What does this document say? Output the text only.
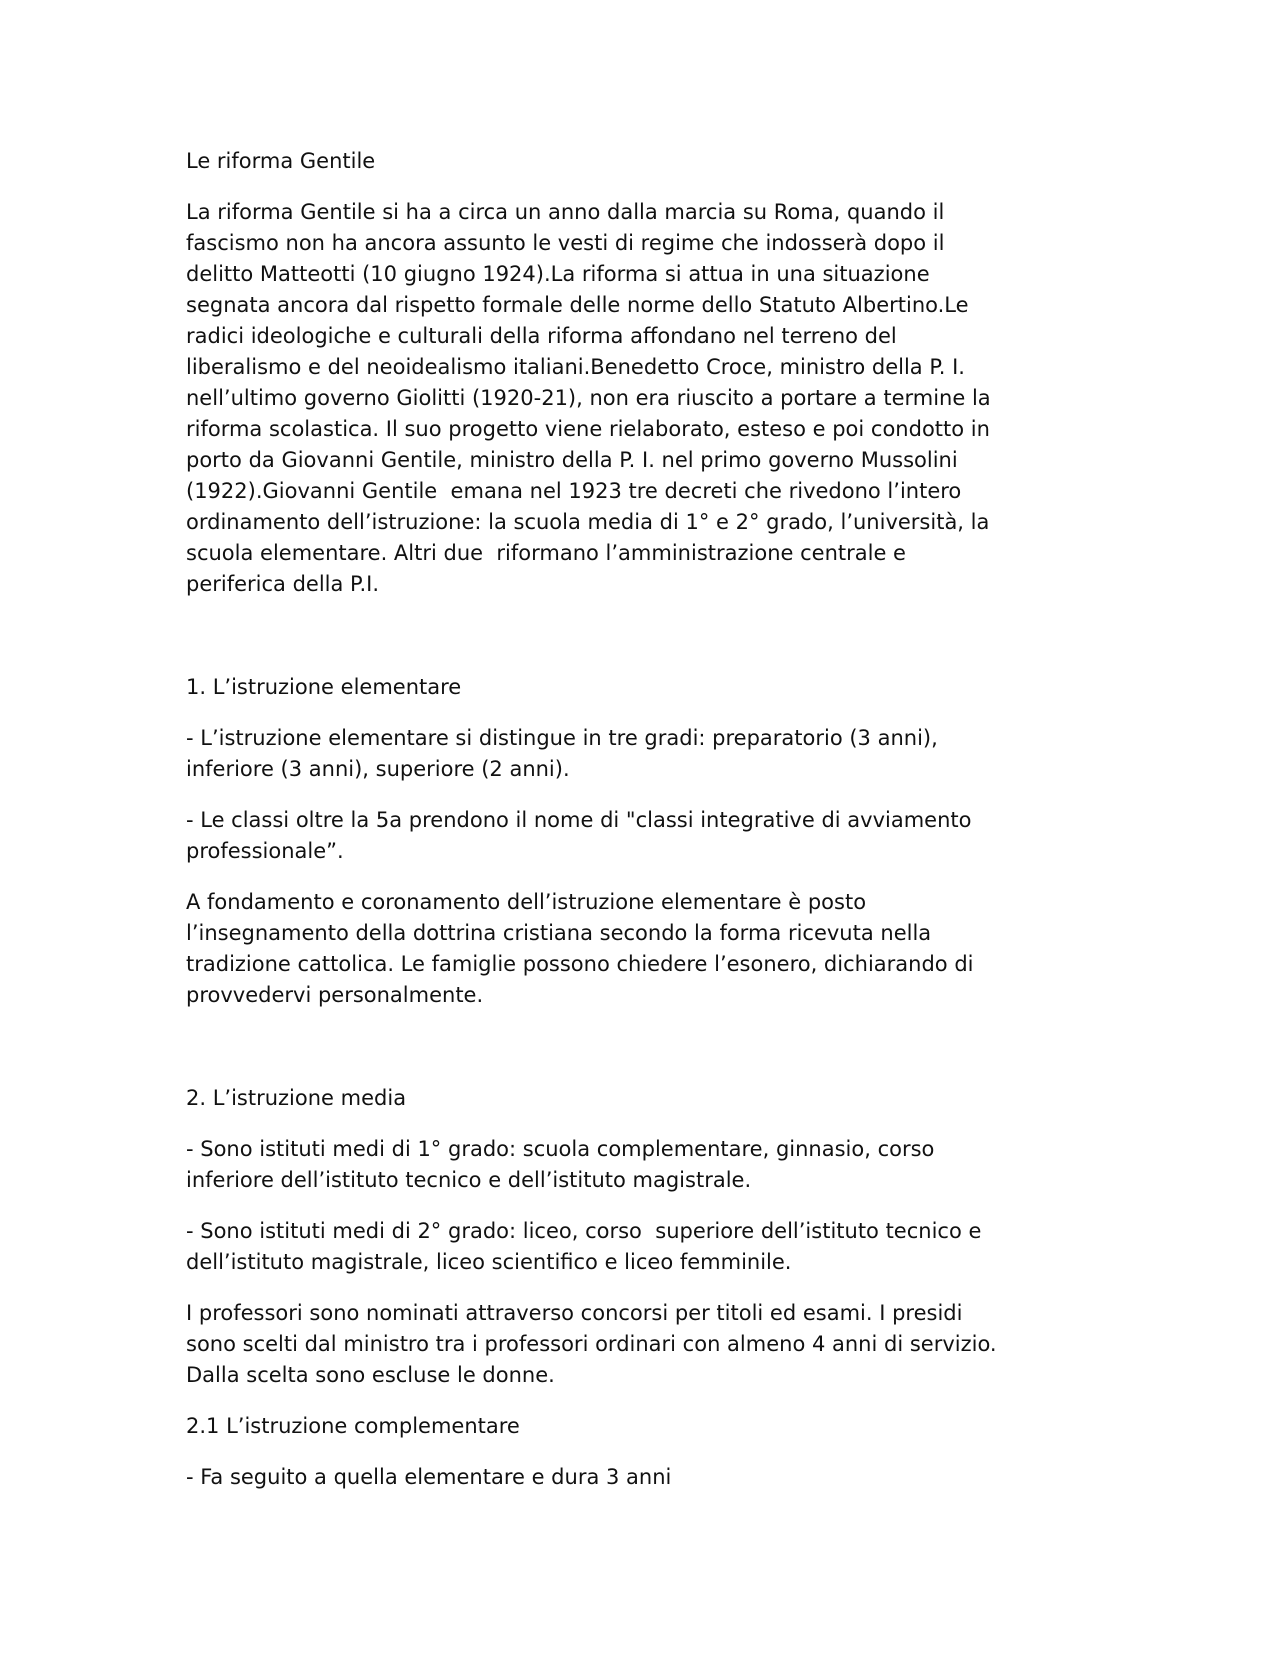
Le riforma Gentile

La riforma Gentile si ha a circa un anno dalla marcia su Roma, quando il
fascismo non ha ancora assunto le vesti di regime che indosserà dopo il
delitto Matteotti (10 giugno 1924).La riforma si attua in una situazione
segnata ancora dal rispetto formale delle norme dello Statuto Albertino.Le
radici ideologiche e culturali della riforma affondano nel terreno del
liberalismo e del neoidealismo italiani.Benedetto Croce, ministro della P. I.
nell’ultimo governo Giolitti (1920-21), non era riuscito a portare a termine la
riforma scolastica. Il suo progetto viene rielaborato, esteso e poi condotto in
porto da Giovanni Gentile, ministro della P. I. nel primo governo Mussolini
(1922).Giovanni Gentile  emana nel 1923 tre decreti che rivedono l’intero
ordinamento dell’istruzione: la scuola media di 1° e 2° grado, l’università, la
scuola elementare. Altri due  riformano l’amministrazione centrale e
periferica della P.I.

1. L’istruzione elementare

- L’istruzione elementare si distingue in tre gradi: preparatorio (3 anni),
inferiore (3 anni), superiore (2 anni).

- Le classi oltre la 5a prendono il nome di "classi integrative di avviamento
professionale”.

A fondamento e coronamento dell’istruzione elementare è posto
l’insegnamento della dottrina cristiana secondo la forma ricevuta nella
tradizione cattolica. Le famiglie possono chiedere l’esonero, dichiarando di
provvedervi personalmente.

2. L’istruzione media

- Sono istituti medi di 1° grado: scuola complementare, ginnasio, corso
inferiore dell’istituto tecnico e dell’istituto magistrale.

- Sono istituti medi di 2° grado: liceo, corso  superiore dell’istituto tecnico e
dell’istituto magistrale, liceo scientifico e liceo femminile.

I professori sono nominati attraverso concorsi per titoli ed esami. I presidi
sono scelti dal ministro tra i professori ordinari con almeno 4 anni di servizio.
Dalla scelta sono escluse le donne.

2.1 L’istruzione complementare

- Fa seguito a quella elementare e dura 3 anni
